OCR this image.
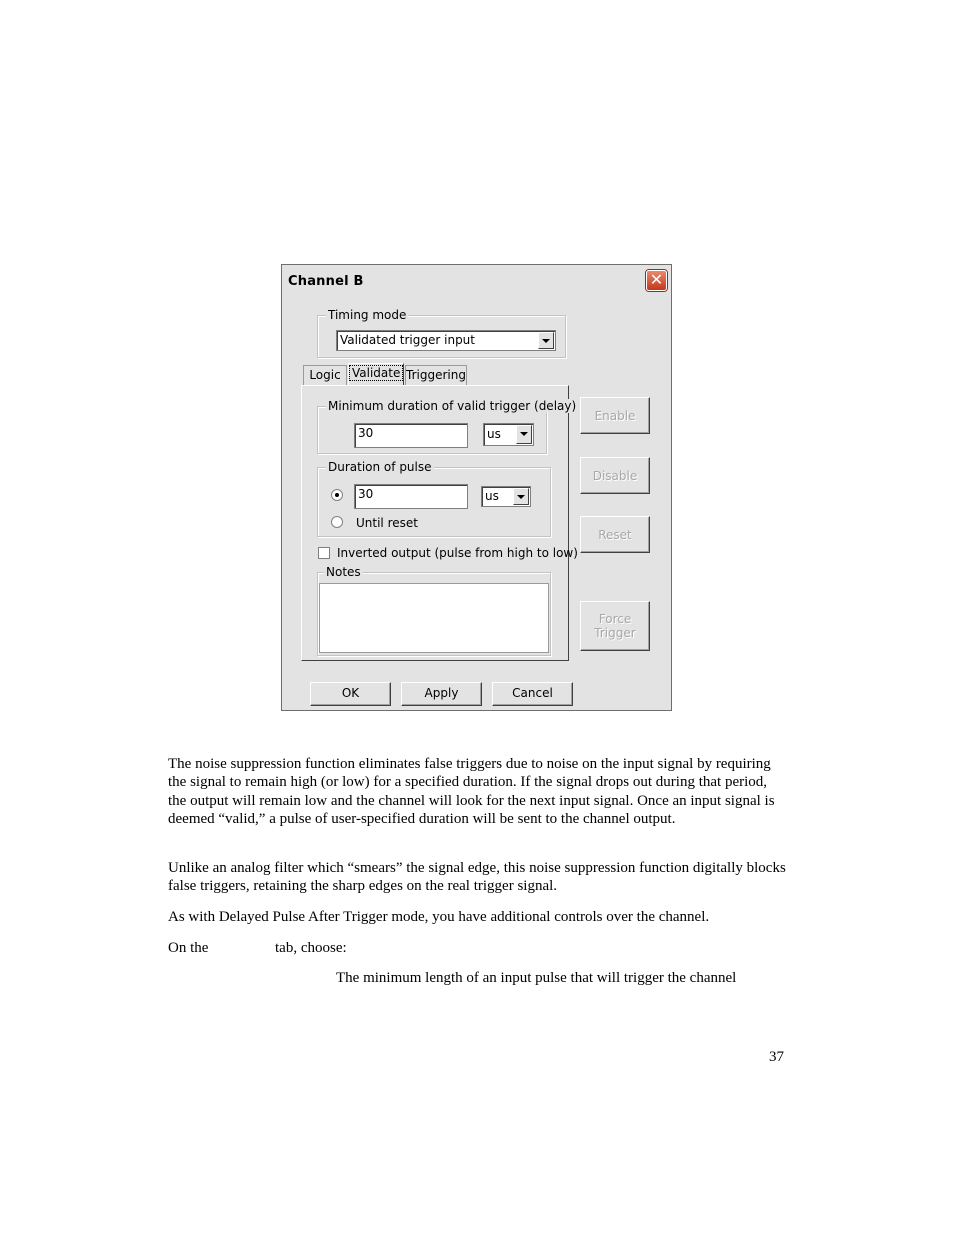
Channel B	✕
Timing mode
Validated trigger input
Logic Validate Triggering
Minimum duration of valid trigger (delay)
30	us
Duration of pulse
30	us
Until reset
Inverted output (pulse from high to low)
Notes
Enable
Disable
Reset
Force
Trigger
OK	Apply	Cancel
The noise suppression function eliminates false triggers due to noise on the input signal by requiring the signal to remain high (or low) for a specified duration. If the signal drops out during that period, the output will remain low and the channel will look for the next input signal. Once an input signal is deemed “valid,” a pulse of user-specified duration will be sent to the channel output.
Unlike an analog filter which “smears” the signal edge, this noise suppression function digitally blocks false triggers, retaining the sharp edges on the real trigger signal.
As with Delayed Pulse After Trigger mode, you have additional controls over the channel.
On the	tab, choose:
The minimum length of an input pulse that will trigger the channel
37
